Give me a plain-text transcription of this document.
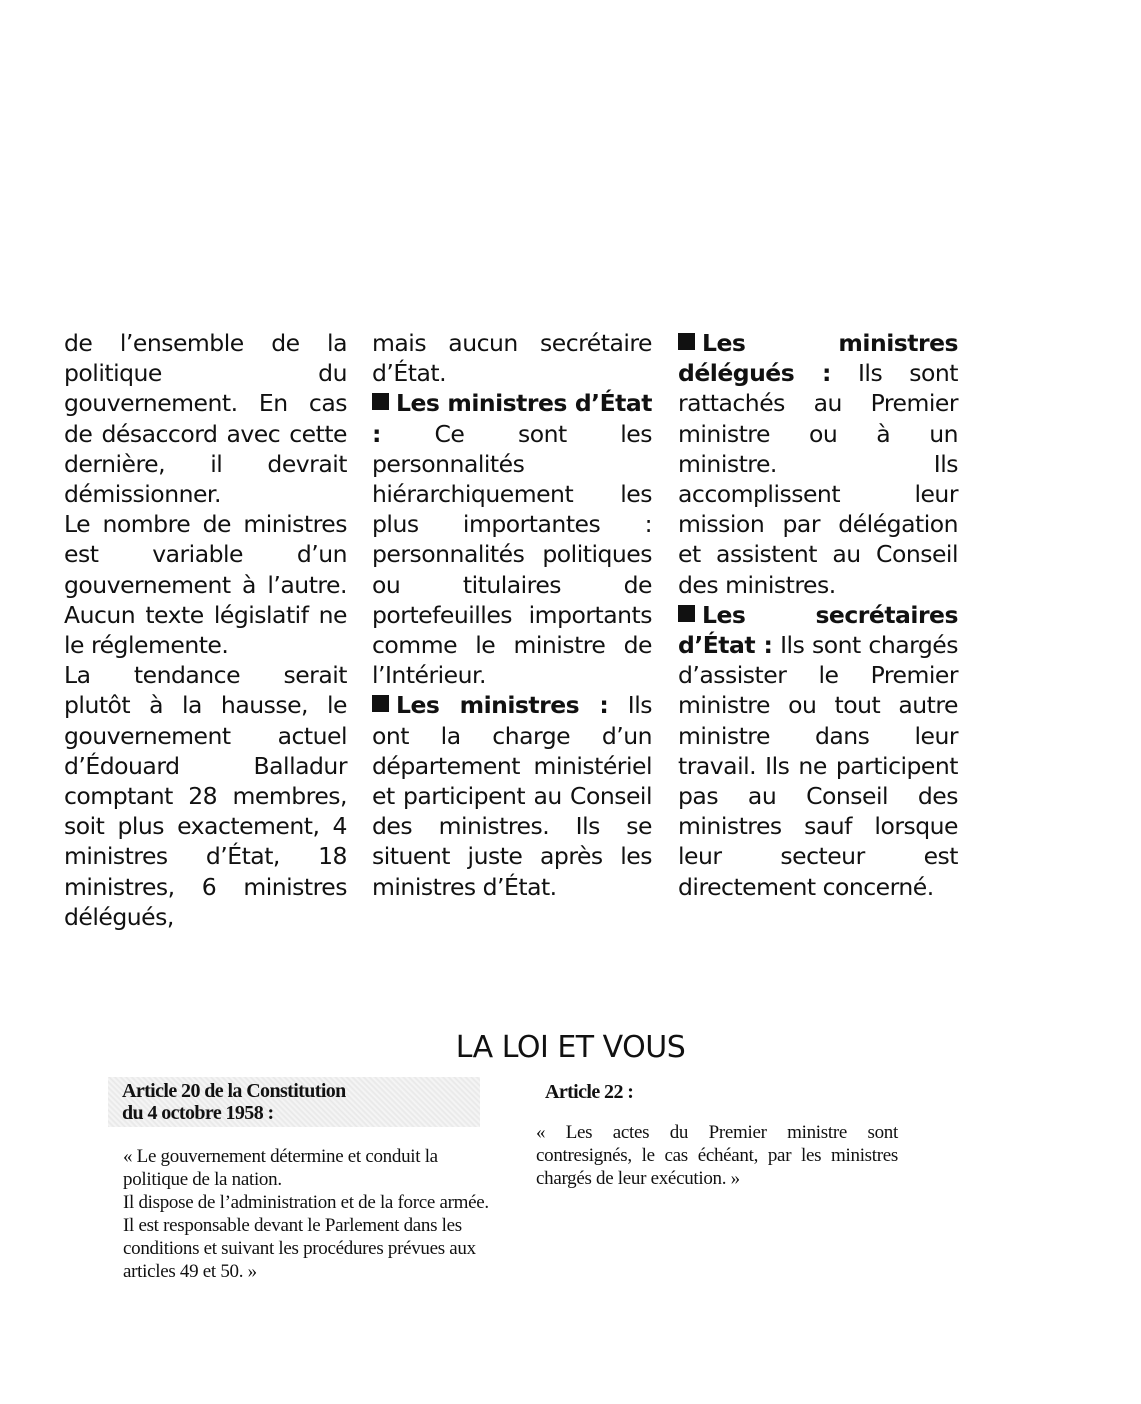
de l’ensemble de la politique du gouvernement. En cas de désaccord avec cette dernière, il devrait démissionner.

Le nombre de ministres est variable d’un gouvernement à l’autre. Aucun texte législatif ne le réglemente.

La tendance serait plutôt à la hausse, le gouvernement actuel d’Édouard Balladur comptant 28 membres, soit plus exactement, 4 ministres d’État, 18 ministres, 6 ministres délégués,

mais aucun secrétaire d’État.

Les ministres d’État : Ce sont les personnalités hiérarchiquement les plus importantes : personnalités politiques ou titulaires de portefeuilles importants comme le ministre de l’Intérieur.

Les ministres : Ils ont la charge d’un département ministériel et participent au Conseil des ministres. Ils se situent juste après les ministres d’État.

Les ministres délégués : Ils sont rattachés au Premier ministre ou à un ministre. Ils accomplissent leur mission par délégation et assistent au Conseil des ministres.

Les secrétaires d’État : Ils sont chargés d’assister le Premier ministre ou tout autre ministre dans leur travail. Ils ne participent pas au Conseil des ministres sauf lorsque leur secteur est directement concerné.

LA LOI ET VOUS
Article 20 de la Constitution
du 4 octobre 1958 :
« Le gouvernement détermine et conduit la politique de la nation.
Il dispose de l’administration et de la force armée. Il est responsable devant le Parlement dans les conditions et suivant les procédures prévues aux articles 49 et 50. »
Article 22 :
« Les actes du Premier ministre sont contresignés, le cas échéant, par les ministres chargés de leur exécution. »
